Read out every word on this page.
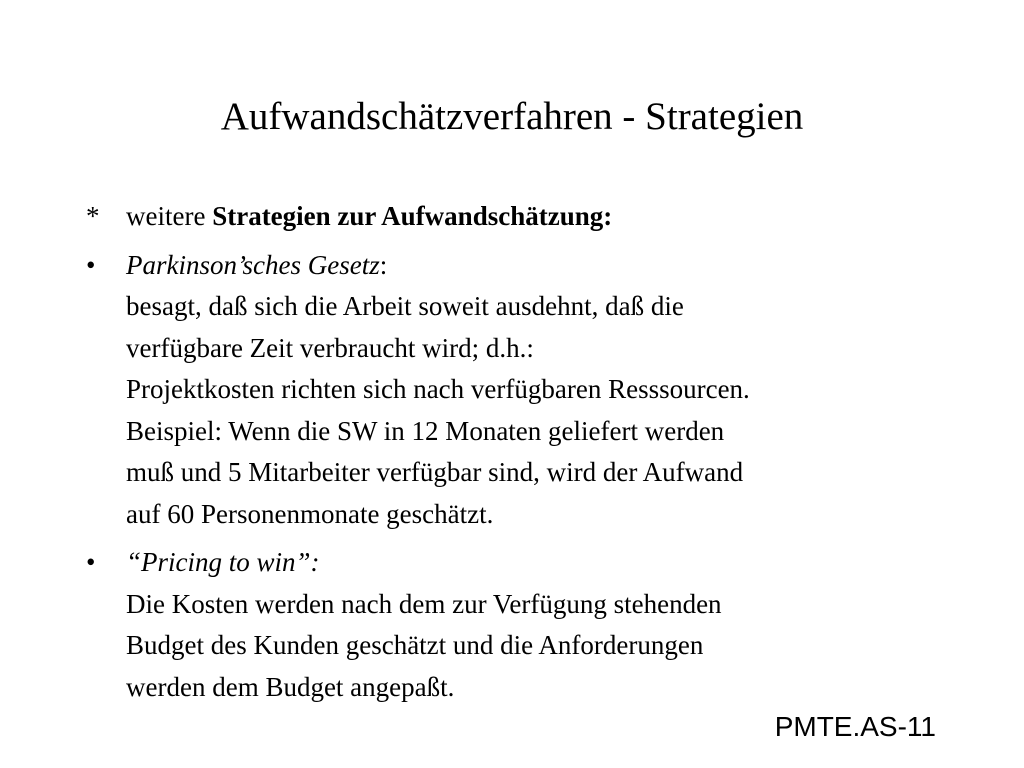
Aufwandschätzverfahren - Strategien
* weitere Strategien zur Aufwandschätzung:
•	Parkinson’sches Gesetz:
besagt, daß sich die Arbeit soweit ausdehnt, daß die
verfügbare Zeit verbraucht wird; d.h.:
Projektkosten richten sich nach verfügbaren Resssourcen.
Beispiel: Wenn die SW in 12 Monaten geliefert werden
muß und 5 Mitarbeiter verfügbar sind, wird der Aufwand
auf 60 Personenmonate geschätzt.
•	“Pricing to win”:
Die Kosten werden nach dem zur Verfügung stehenden
Budget des Kunden geschätzt und die Anforderungen
werden dem Budget angepaßt.
PMTE.AS-11
